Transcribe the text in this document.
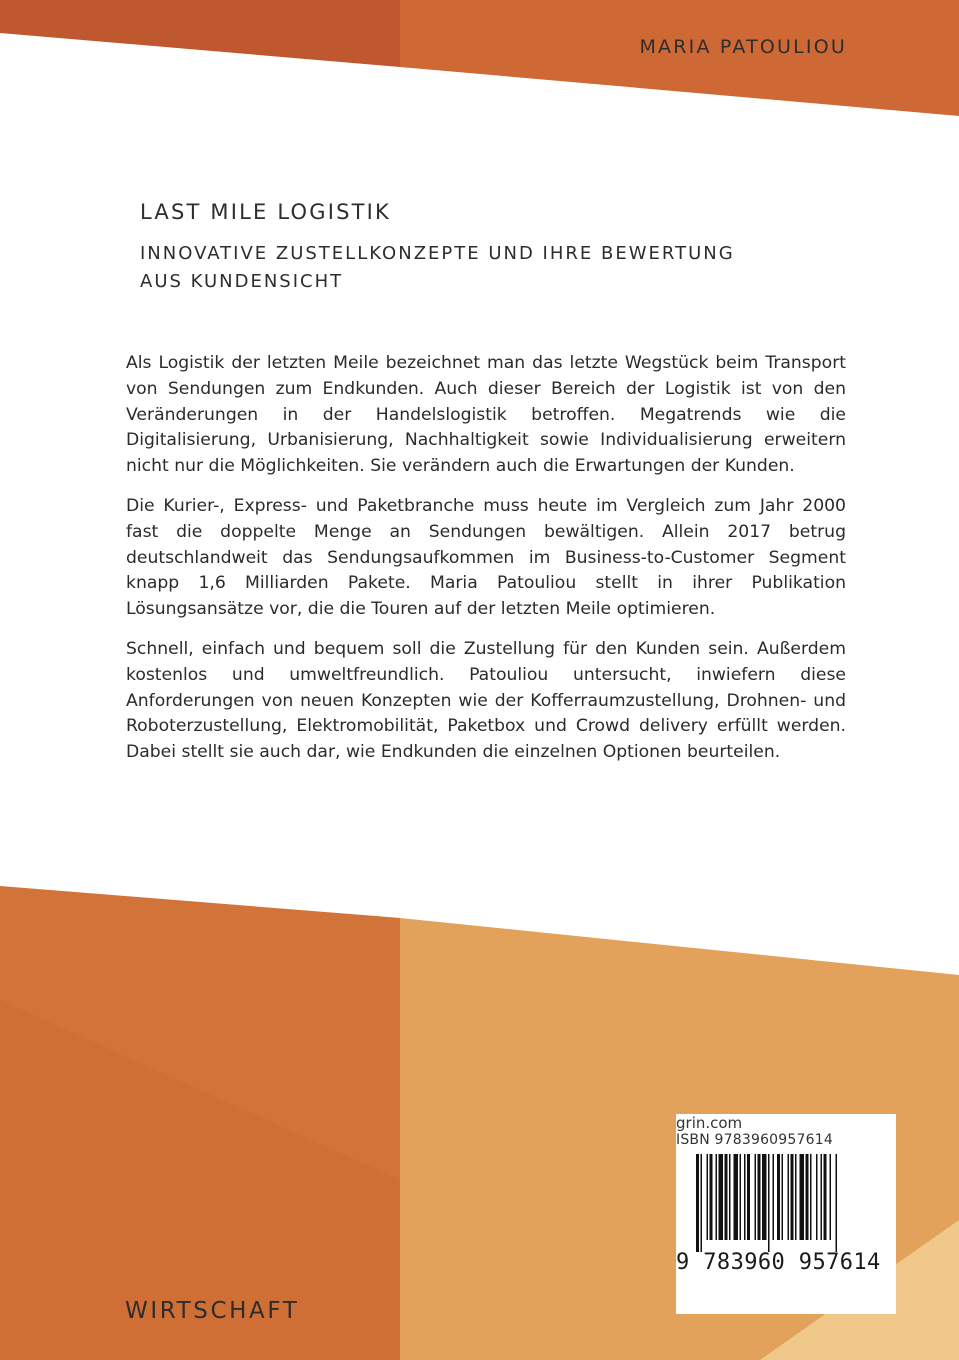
MARIA PATOULIOU
LAST MILE LOGISTIK
INNOVATIVE ZUSTELLKONZEPTE UND IHRE BEWERTUNG AUS KUNDENSICHT

Als Logistik der letzten Meile bezeichnet man das letzte Wegstück beim Transport von Sendungen zum Endkunden. Auch dieser Bereich der Logistik ist von den Veränderungen in der Handelslogistik betroffen. Megatrends wie die Digitalisierung, Urbanisierung, Nachhaltigkeit sowie Individualisierung erweitern nicht nur die Möglichkeiten. Sie verändern auch die Erwartungen der Kunden.

Die Kurier-, Express- und Paketbranche muss heute im Vergleich zum Jahr 2000 fast die doppelte Menge an Sendungen bewältigen. Allein 2017 betrug deutschlandweit das Sendungsaufkommen im Business-to-Customer Segment knapp 1,6 Milliarden Pakete. Maria Patouliou stellt in ihrer Publikation Lösungsansätze vor, die die Touren auf der letzten Meile optimieren.

Schnell, einfach und bequem soll die Zustellung für den Kunden sein. Außerdem kostenlos und umweltfreundlich. Patouliou untersucht, inwiefern diese Anforderungen von neuen Konzepten wie der Kofferraumzustellung, Drohnen- und Roboterzustellung, Elektromobilität, Paketbox und Crowd delivery erfüllt werden. Dabei stellt sie auch dar, wie Endkunden die einzelnen Optionen beurteilen.

grin.com
ISBN 9783960957614
9 783960 957614
WIRTSCHAFT
